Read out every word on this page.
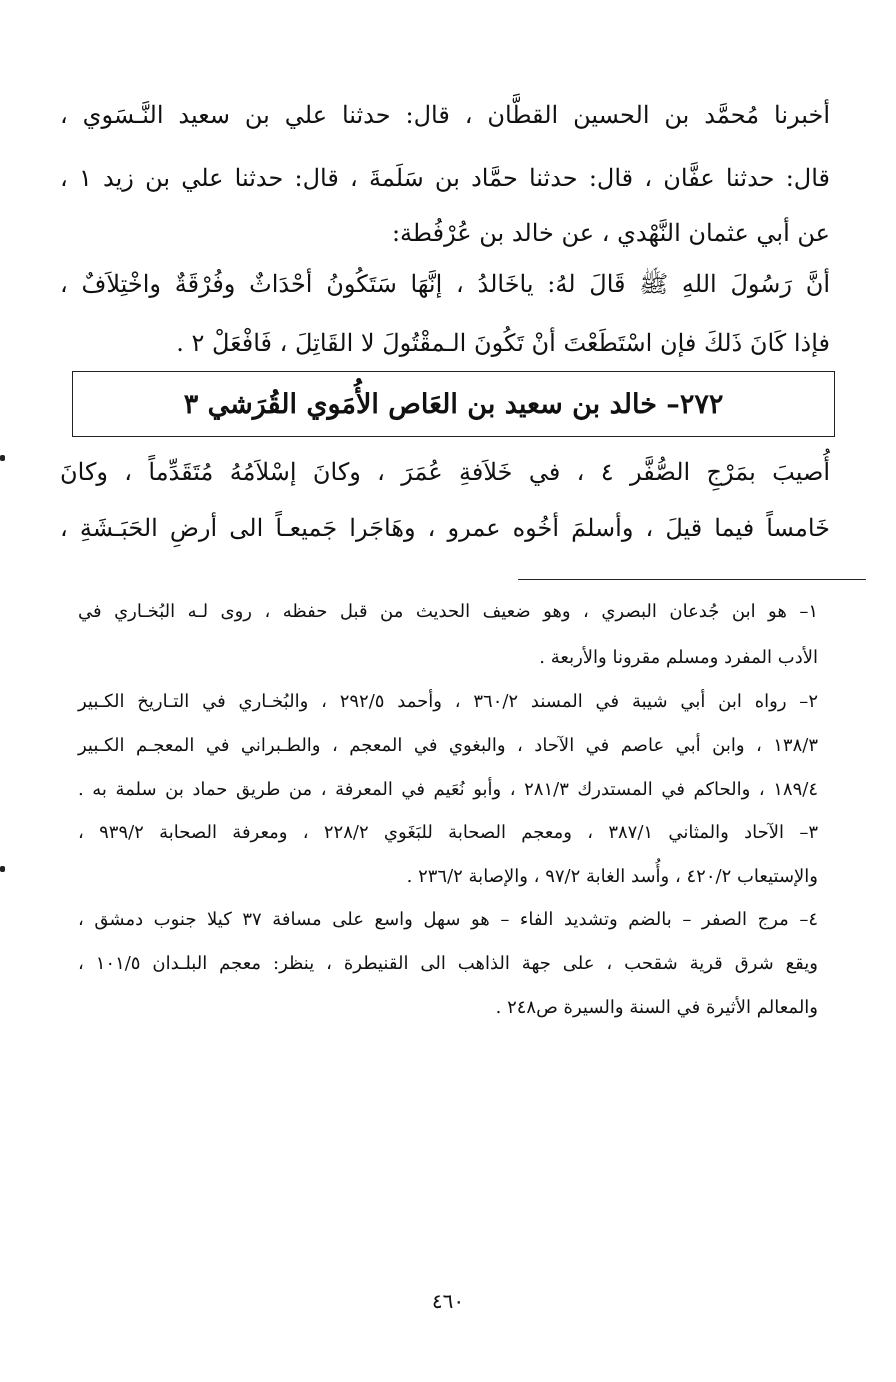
أخبرنا مُحمَّد بن الحسين القطَّان ، قال: حدثنا علي بن سعيد النَّـسَوي ،
قال: حدثنا عفَّان ، قال: حدثنا حمَّاد بن سَلَمةَ ، قال: حدثنا علي بن زيد ١ ،
عن أبي عثمان النَّهْدي ، عن خالد بن عُرْفُطة:
أنَّ رَسُولَ اللهِ ﷺ قَالَ لهُ: ياخَالدُ ، إنَّهَا سَتَكُونُ أحْدَاثٌ وفُرْقَةٌ واخْتِلاَفٌ ،
فإذا كَانَ ذَلكَ فإن اسْتَطَعْتَ أنْ تَكُونَ الـمقْتُولَ لا القَاتِلَ ، فَافْعَلْ ٢ .
٢٧٢– خالد بن سعيد بن العَاص الأُمَوي القُرَشي ٣
أُصيبَ بمَرْجِ الصُّفَّر ٤ ، في خَلاَفةِ عُمَرَ ، وكانَ إسْلاَمُهُ مُتَقَدِّماً ، وكانَ
خَامساً فيما قيلَ ، وأسلمَ أخُوه عمرو ، وهَاجَرا جَميعـاً الى أرضِ الحَبَـشَةِ ،
١– هو ابن جُدعان البصري ، وهو ضعيف الحديث من قبل حفظه ، روى لـه البُخـاري في
الأدب المفرد ومسلم مقرونا والأربعة .
٢– رواه ابن أبي شيبة في المسند ٣٦٠/٢ ، وأحمد ٢٩٢/٥ ، والبُخـاري في التـاريخ الكـبير
١٣٨/٣ ، وابن أبي عاصم في الآحاد ، والبغوي في المعجم ، والطـبراني في المعجـم الكـبير
١٨٩/٤ ، والحاكم في المستدرك ٢٨١/٣ ، وأبو نُعَيم في المعرفة ، من طريق حماد بن سلمة به .
٣– الآحاد والمثاني ٣٨٧/١ ، ومعجم الصحابة للبَغَوي ٢٢٨/٢ ، ومعرفة الصحابة ٩٣٩/٢ ،
والإستيعاب ٤٢٠/٢ ، وأُسد الغابة ٩٧/٢ ، والإصابة ٢٣٦/٢ .
٤– مرج الصفر – بالضم وتشديد الفاء – هو سهل واسع على مسافة ٣٧ كيلا جنوب دمشق ،
ويقع شرق قرية شقحب ، على جهة الذاهب الى القنيطرة ، ينظر: معجم البلـدان ١٠١/٥ ،
والمعالم الأثيرة في السنة والسيرة ص٢٤٨ .
٤٦٠
